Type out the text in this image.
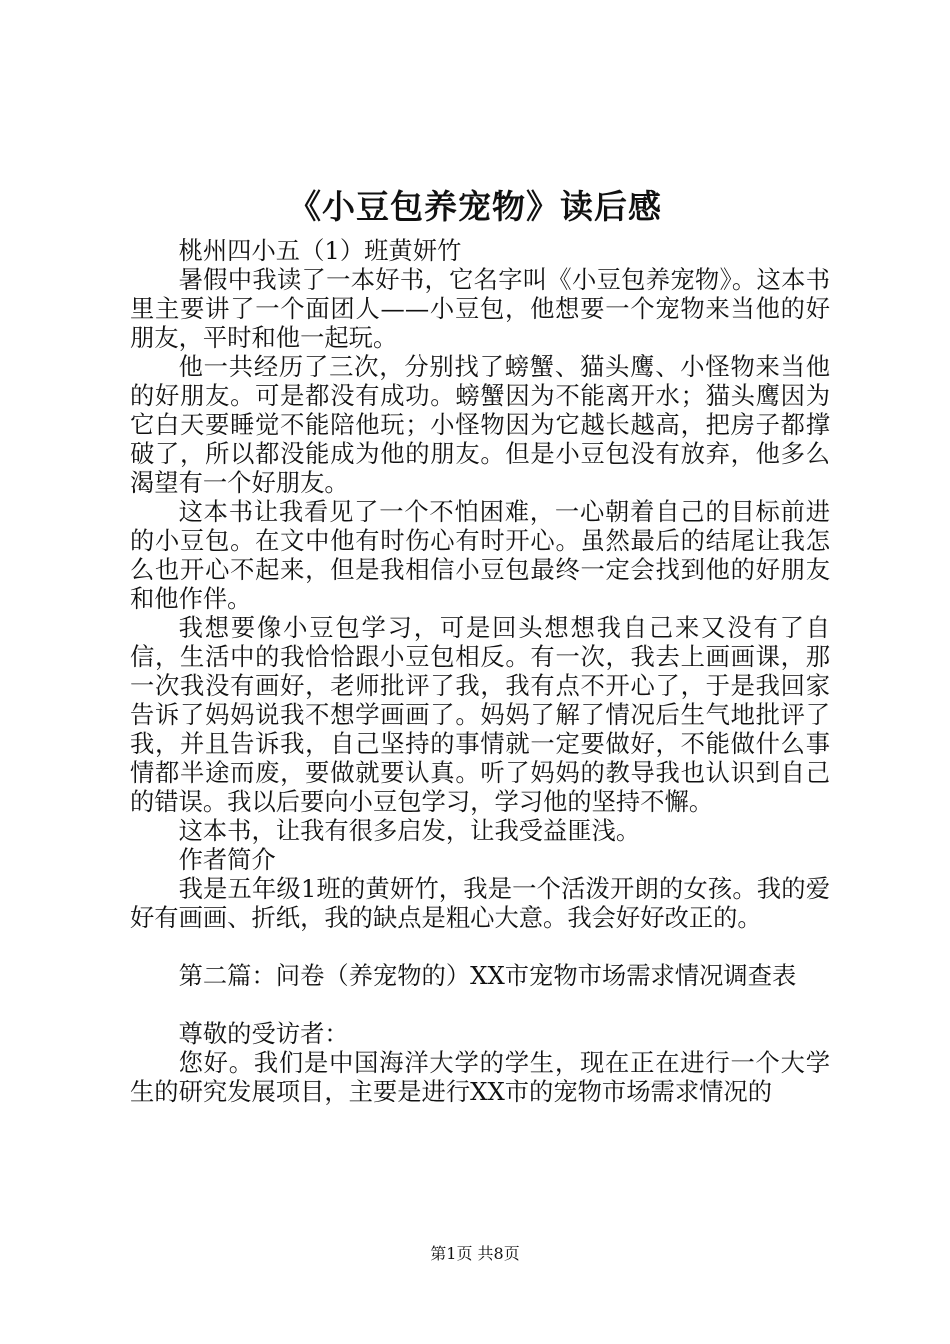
《小豆包养宠物》读后感

桃州四小五（1）班黄妍竹

暑假中我读了一本好书，它名字叫《小豆包养宠物》。这本书里主要讲了一个面团人——小豆包，他想要一个宠物来当他的好朋友，平时和他一起玩。

他一共经历了三次，分别找了螃蟹、猫头鹰、小怪物来当他的好朋友。可是都没有成功。螃蟹因为不能离开水；猫头鹰因为它白天要睡觉不能陪他玩；小怪物因为它越长越高，把房子都撑破了，所以都没能成为他的朋友。但是小豆包没有放弃，他多么渴望有一个好朋友。

这本书让我看见了一个不怕困难，一心朝着自己的目标前进的小豆包。在文中他有时伤心有时开心。虽然最后的结尾让我怎么也开心不起来，但是我相信小豆包最终一定会找到他的好朋友和他作伴。

我想要像小豆包学习，可是回头想想我自己来又没有了自信，生活中的我恰恰跟小豆包相反。有一次，我去上画画课，那一次我没有画好，老师批评了我，我有点不开心了，于是我回家告诉了妈妈说我不想学画画了。妈妈了解了情况后生气地批评了我，并且告诉我，自己坚持的事情就一定要做好，不能做什么事情都半途而废，要做就要认真。听了妈妈的教导我也认识到自己的错误。我以后要向小豆包学习，学习他的坚持不懈。

这本书，让我有很多启发，让我受益匪浅。

作者简介

我是五年级1班的黄妍竹，我是一个活泼开朗的女孩。我的爱好有画画、折纸，我的缺点是粗心大意。我会好好改正的。

第二篇：问卷（养宠物的）XX市宠物市场需求情况调查表

尊敬的受访者：

您好。我们是中国海洋大学的学生，现在正在进行一个大学生的研究发展项目，主要是进行XX市的宠物市场需求情况的

第1页 共8页
